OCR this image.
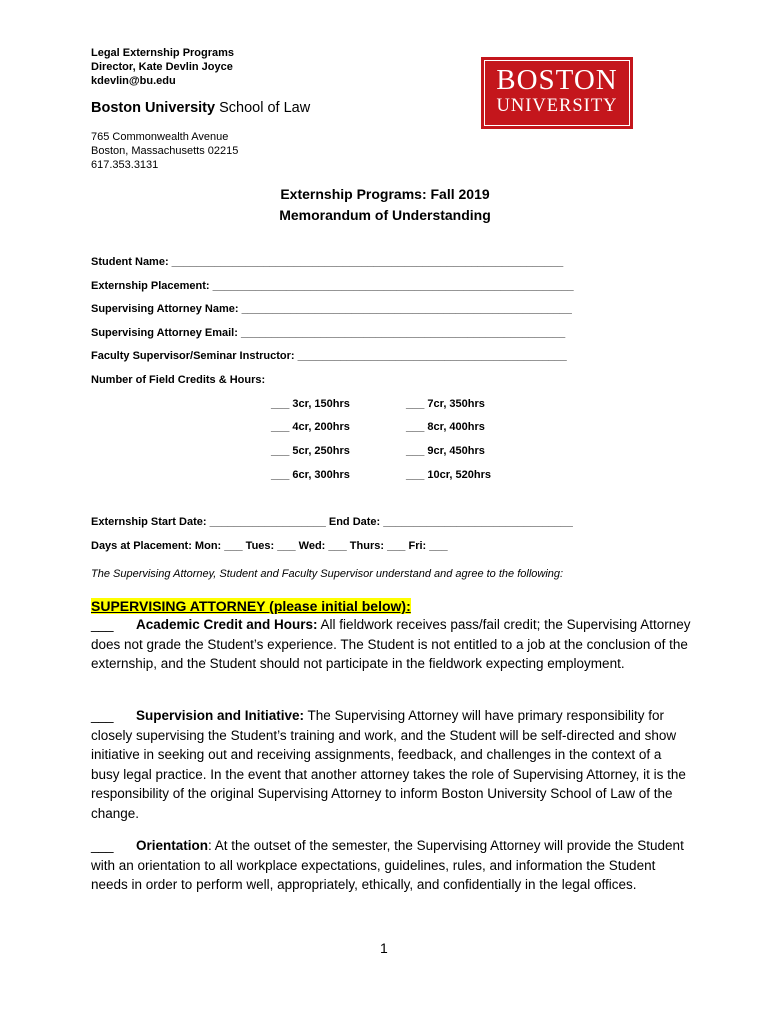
Legal Externship Programs
Director, Kate Devlin Joyce
kdevlin@bu.edu
Boston University School of Law
765 Commonwealth Avenue
Boston, Massachusetts 02215
617.353.3131
BOSTON
UNIVERSITY
Externship Programs: Fall 2019
Memorandum of Understanding
Student Name: ________________________________________________________________
Externship Placement: ___________________________________________________________
Supervising Attorney Name: ______________________________________________________
Supervising Attorney Email: _____________________________________________________
Faculty Supervisor/Seminar Instructor: ____________________________________________
Number of Field Credits & Hours:
___ 3cr, 150hrs	___ 7cr, 350hrs
___ 4cr, 200hrs	___ 8cr, 400hrs
___ 5cr, 250hrs	___ 9cr, 450hrs
___ 6cr, 300hrs	___ 10cr, 520hrs
Externship Start Date: ___________________ End Date: _______________________________
Days at Placement: Mon: ___ Tues: ___ Wed: ___ Thurs: ___ Fri: ___
The Supervising Attorney, Student and Faculty Supervisor understand and agree to the following:
SUPERVISING ATTORNEY (please initial below):
___ Academic Credit and Hours: All fieldwork receives pass/fail credit; the Supervising Attorney does not grade the Student’s experience. The Student is not entitled to a job at the conclusion of the externship, and the Student should not participate in the fieldwork expecting employment.
___ Supervision and Initiative: The Supervising Attorney will have primary responsibility for closely supervising the Student’s training and work, and the Student will be self-directed and show initiative in seeking out and receiving assignments, feedback, and challenges in the context of a busy legal practice. In the event that another attorney takes the role of Supervising Attorney, it is the responsibility of the original Supervising Attorney to inform Boston University School of Law of the change.
___ Orientation: At the outset of the semester, the Supervising Attorney will provide the Student with an orientation to all workplace expectations, guidelines, rules, and information the Student needs in order to perform well, appropriately, ethically, and confidentially in the legal offices.
1
